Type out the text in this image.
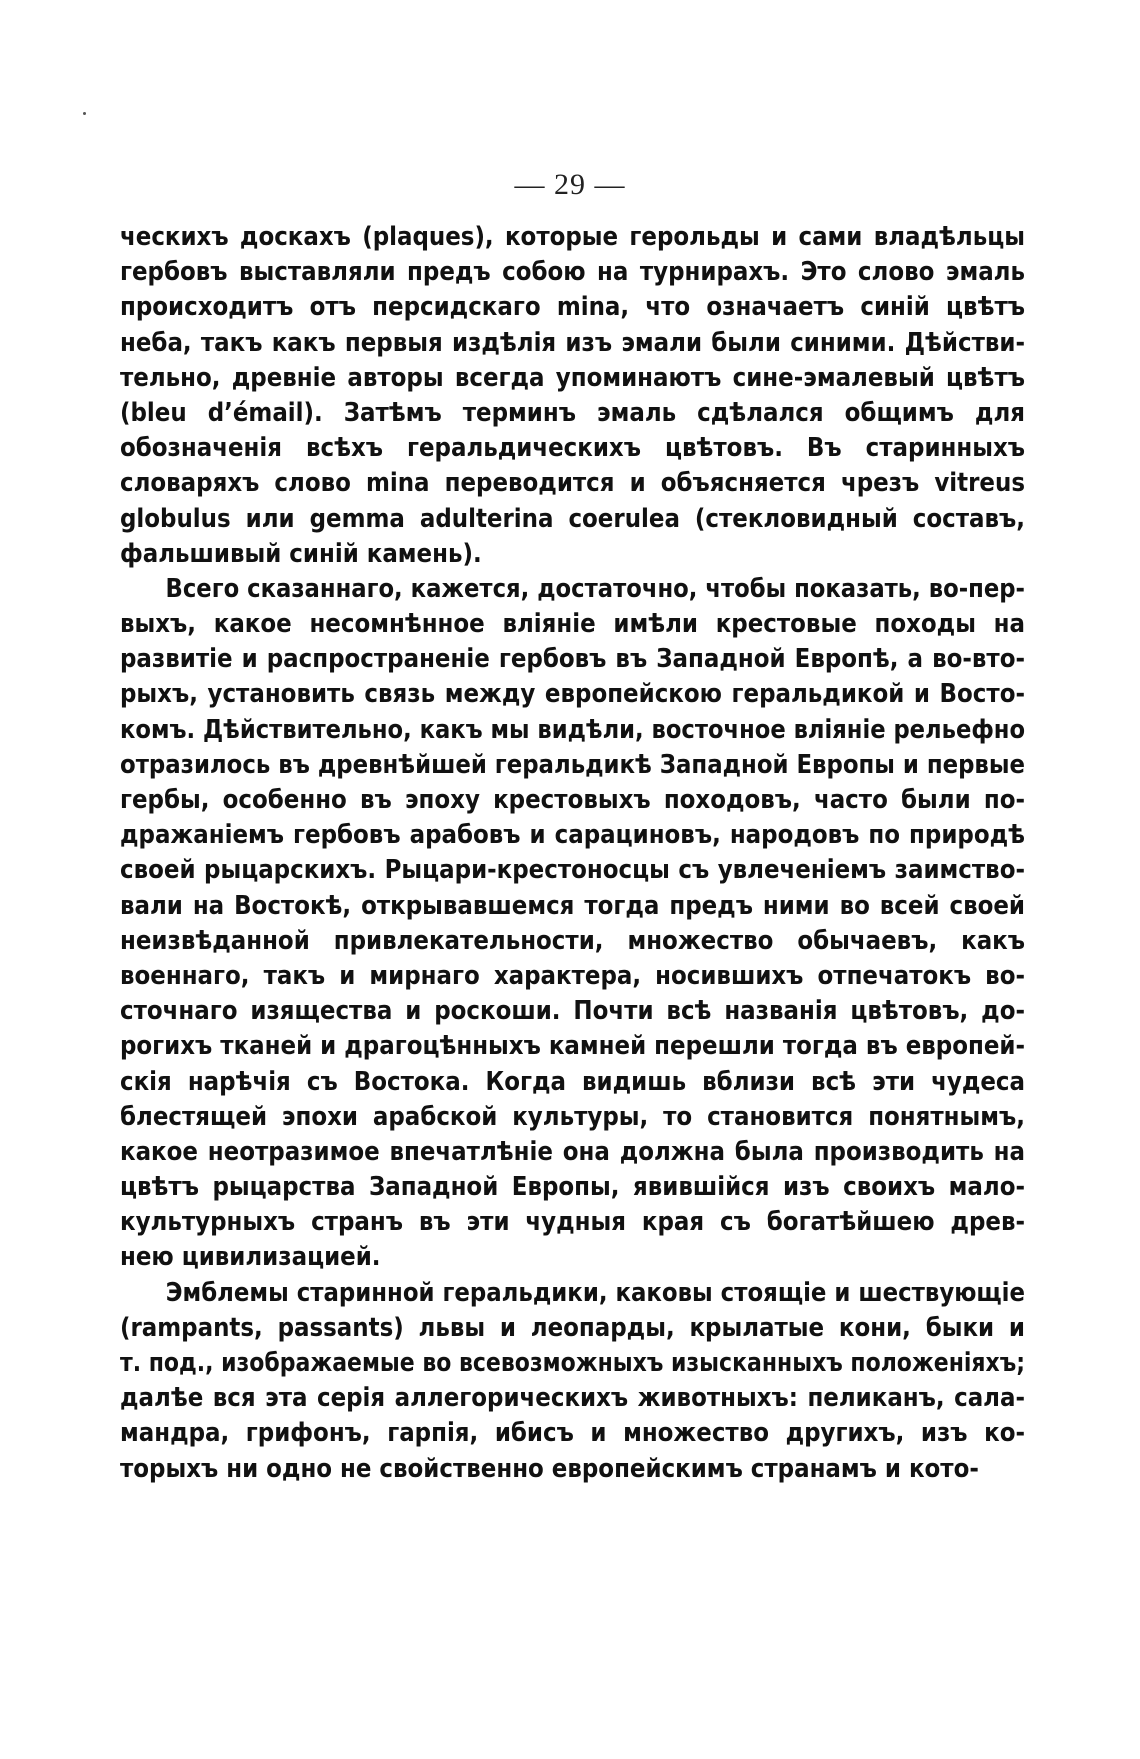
— 29 —
ческихъ доскахъ (plaques), которые герольды и сами владѣльцы
гербовъ выставляли предъ собою на турнирахъ. Это слово эмаль
происходитъ отъ персидскаго mina, что означаетъ синій цвѣтъ
неба, такъ какъ первыя издѣлія изъ эмали были синими. Дѣйстви-
тельно, древніе авторы всегда упоминаютъ сине-эмалевый цвѣтъ
(bleu d’émail). Затѣмъ терминъ эмаль сдѣлался общимъ для
обозначенія всѣхъ геральдическихъ цвѣтовъ. Въ старинныхъ
словаряхъ слово mina переводится и объясняется чрезъ vitreus
globulus или gemma adulterina coerulea (стекловидный составъ,
фальшивый синій камень).
Всего сказаннаго, кажется, достаточно, чтобы показать, во-пер-
выхъ, какое несомнѣнное вліяніе имѣли крестовые походы на
развитіе и распространеніе гербовъ въ Западной Европѣ, а во-вто-
рыхъ, установить связь между европейскою геральдикой и Восто-
комъ. Дѣйствительно, какъ мы видѣли, восточное вліяніе рельефно
отразилось въ древнѣйшей геральдикѣ Западной Европы и первые
гербы, особенно въ эпоху крестовыхъ походовъ, часто были по-
дражаніемъ гербовъ арабовъ и сарациновъ, народовъ по природѣ
своей рыцарскихъ. Рыцари-крестоносцы съ увлеченіемъ заимство-
вали на Востокѣ, открывавшемся тогда предъ ними во всей своей
неизвѣданной привлекательности, множество обычаевъ, какъ
военнаго, такъ и мирнаго характера, носившихъ отпечатокъ во-
сточнаго изящества и роскоши. Почти всѣ названія цвѣтовъ, до-
рогихъ тканей и драгоцѣнныхъ камней перешли тогда въ европей-
скія нарѣчія съ Востока. Когда видишь вблизи всѣ эти чудеса
блестящей эпохи арабской культуры, то становится понятнымъ,
какое неотразимое впечатлѣніе она должна была производить на
цвѣтъ рыцарства Западной Европы, явившійся изъ своихъ мало-
культурныхъ странъ въ эти чудныя края съ богатѣйшею древ-
нею цивилизацией.
Эмблемы старинной геральдики, каковы стоящіе и шествующіе
(rampants, passants) львы и леопарды, крылатые кони, быки и
т. под., изображаемые во всевозможныхъ изысканныхъ положеніяхъ;
далѣе вся эта серія аллегорическихъ животныхъ: пеликанъ, сала-
мандра, грифонъ, гарпія, ибисъ и множество другихъ, изъ ко-
торыхъ ни одно не свойственно европейскимъ странамъ и кото-
